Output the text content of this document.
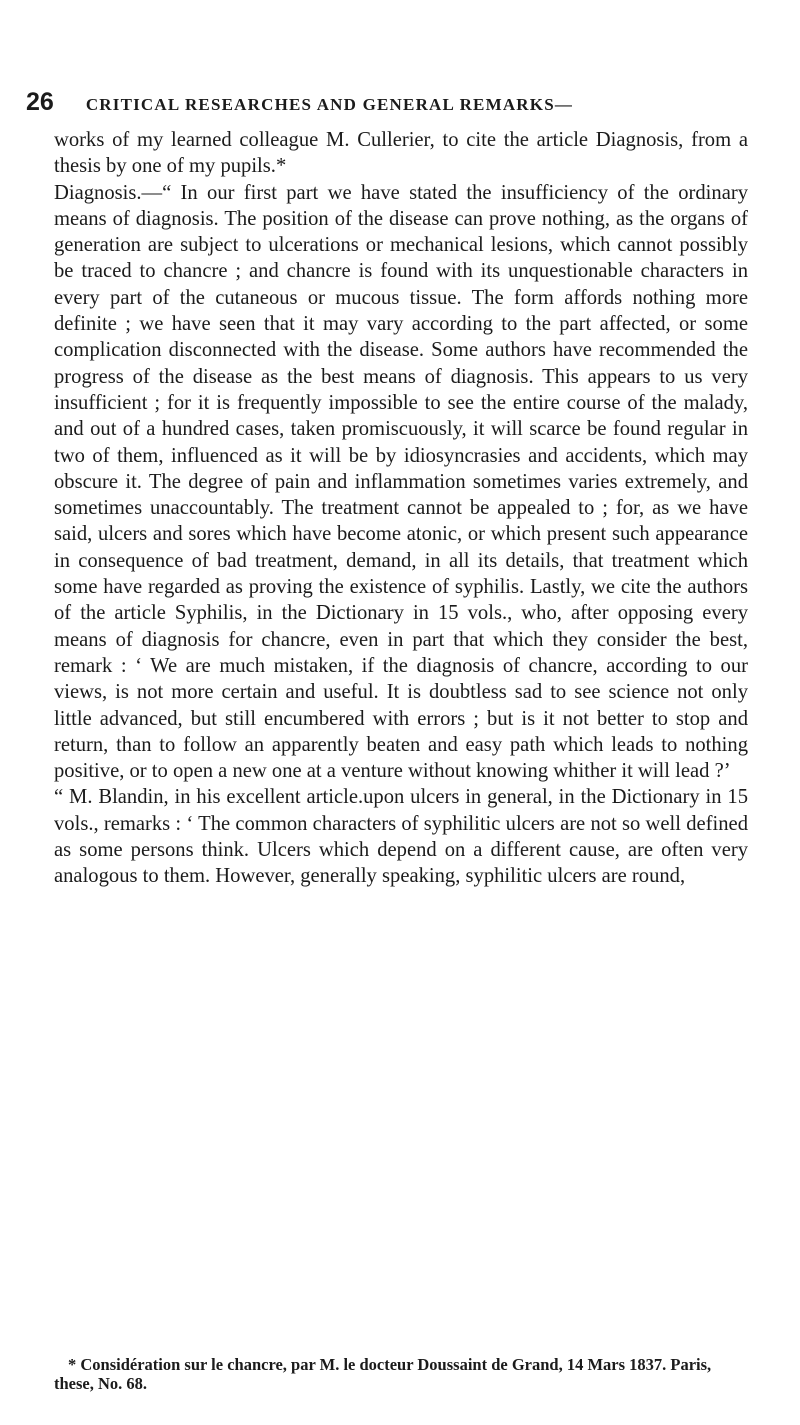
26 CRITICAL RESEARCHES AND GENERAL REMARKS—

works of my learned colleague M. Cullerier, to cite the article Diagnosis, from a thesis by one of my pupils.*

Diagnosis.—“ In our first part we have stated the insufficiency of the ordinary means of diagnosis. The position of the disease can prove nothing, as the organs of generation are subject to ulcerations or mechanical lesions, which cannot possibly be traced to chancre ; and chancre is found with its unquestionable characters in every part of the cutaneous or mucous tissue. The form affords nothing more definite ; we have seen that it may vary according to the part affected, or some complication disconnected with the disease. Some authors have recommended the progress of the disease as the best means of diagnosis. This appears to us very insufficient ; for it is frequently impossible to see the entire course of the malady, and out of a hundred cases, taken promiscuously, it will scarce be found regular in two of them, influenced as it will be by idiosyncrasies and accidents, which may obscure it. The degree of pain and inflammation sometimes varies extremely, and sometimes unaccountably. The treatment cannot be appealed to ; for, as we have said, ulcers and sores which have become atonic, or which present such appearance in consequence of bad treatment, demand, in all its details, that treatment which some have regarded as proving the existence of syphilis. Lastly, we cite the authors of the article Syphilis, in the Dictionary in 15 vols., who, after opposing every means of diagnosis for chancre, even in part that which they consider the best, remark : ‘ We are much mistaken, if the diagnosis of chancre, according to our views, is not more certain and useful. It is doubtless sad to see science not only little advanced, but still encumbered with errors ; but is it not better to stop and return, than to follow an apparently beaten and easy path which leads to nothing positive, or to open a new one at a venture without knowing whither it will lead ?’

“ M. Blandin, in his excellent article.upon ulcers in general, in the Dictionary in 15 vols., remarks : ‘ The common characters of syphilitic ulcers are not so well defined as some persons think. Ulcers which depend on a different cause, are often very analogous to them. However, generally speaking, syphilitic ulcers are round,

* Considération sur le chancre, par M. le docteur Doussaint de Grand, 14 Mars 1837. Paris, these, No. 68.
